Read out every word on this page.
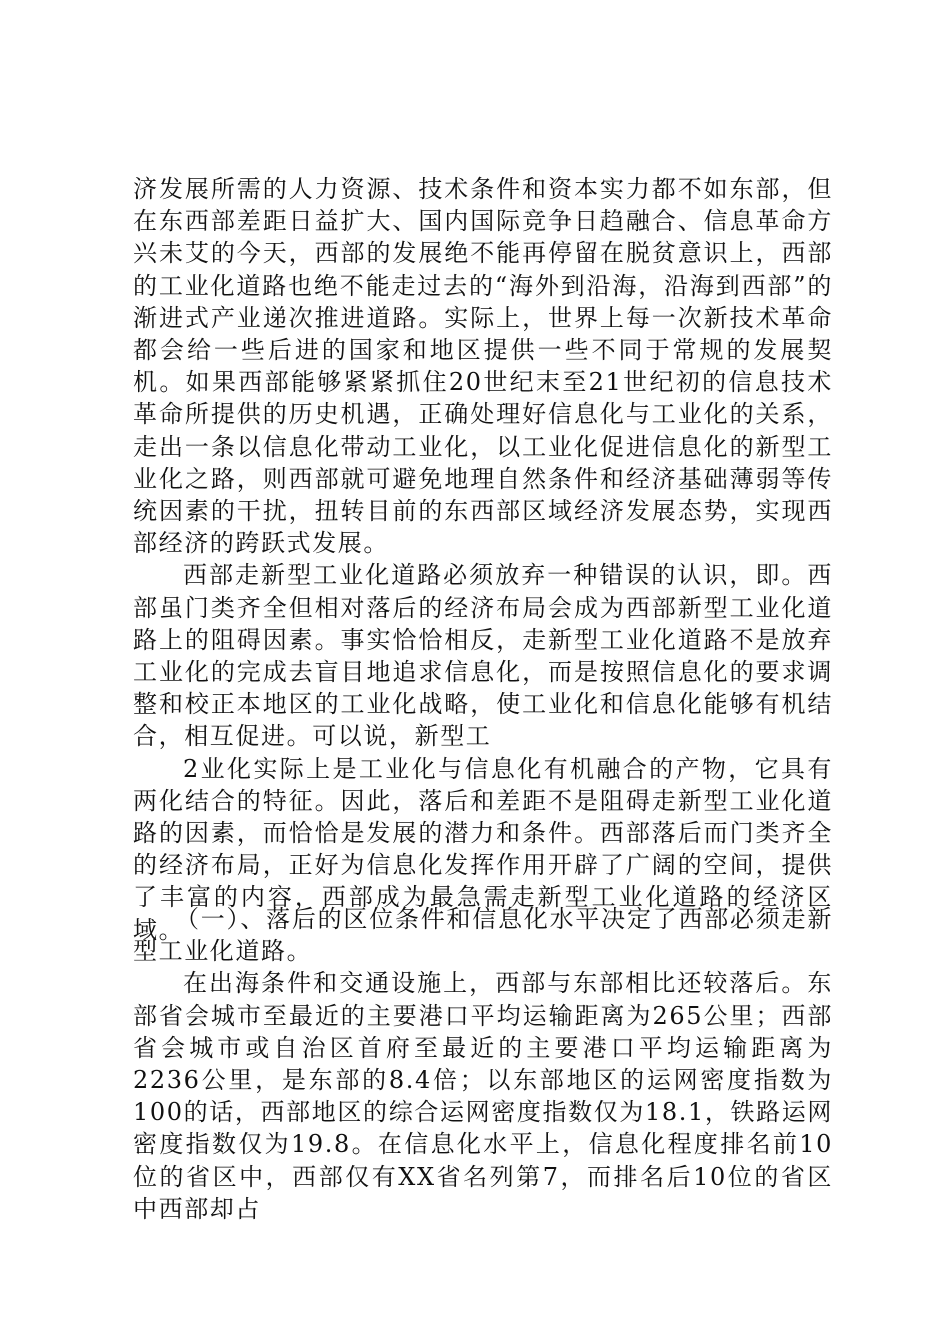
济发展所需的人力资源、技术条件和资本实力都不如东部，但在东西部差距日益扩大、国内国际竞争日趋融合、信息革命方兴未艾的今天，西部的发展绝不能再停留在脱贫意识上，西部的工业化道路也绝不能走过去的“海外到沿海，沿海到西部”的渐进式产业递次推进道路。实际上，世界上每一次新技术革命都会给一些后进的国家和地区提供一些不同于常规的发展契机。如果西部能够紧紧抓住20世纪末至21世纪初的信息技术革命所提供的历史机遇，正确处理好信息化与工业化的关系，走出一条以信息化带动工业化，以工业化促进信息化的新型工业化之路，则西部就可避免地理自然条件和经济基础薄弱等传统因素的干扰，扭转目前的东西部区域经济发展态势，实现西部经济的跨跃式发展。

西部走新型工业化道路必须放弃一种错误的认识，即。西部虽门类齐全但相对落后的经济布局会成为西部新型工业化道路上的阻碍因素。事实恰恰相反，走新型工业化道路不是放弃工业化的完成去盲目地追求信息化，而是按照信息化的要求调整和校正本地区的工业化战略，使工业化和信息化能够有机结合，相互促进。可以说，新型工

2业化实际上是工业化与信息化有机融合的产物，它具有两化结合的特征。因此，落后和差距不是阻碍走新型工业化道路的因素，而恰恰是发展的潜力和条件。西部落后而门类齐全的经济布局，正好为信息化发挥作用开辟了广阔的空间，提供了丰富的内容，西部成为最急需走新型工业化道路的经济区域。

（一）、落后的区位条件和信息化水平决定了西部必须走新型工业化道路。

在出海条件和交通设施上，西部与东部相比还较落后。东部省会城市至最近的主要港口平均运输距离为265公里；西部省会城市或自治区首府至最近的主要港口平均运输距离为2236公里，是东部的8.4倍；以东部地区的运网密度指数为100的话，西部地区的综合运网密度指数仅为18.1，铁路运网密度指数仅为19.8。在信息化水平上，信息化程度排名前10位的省区中，西部仅有XX省名列第7，而排名后10位的省区中西部却占
